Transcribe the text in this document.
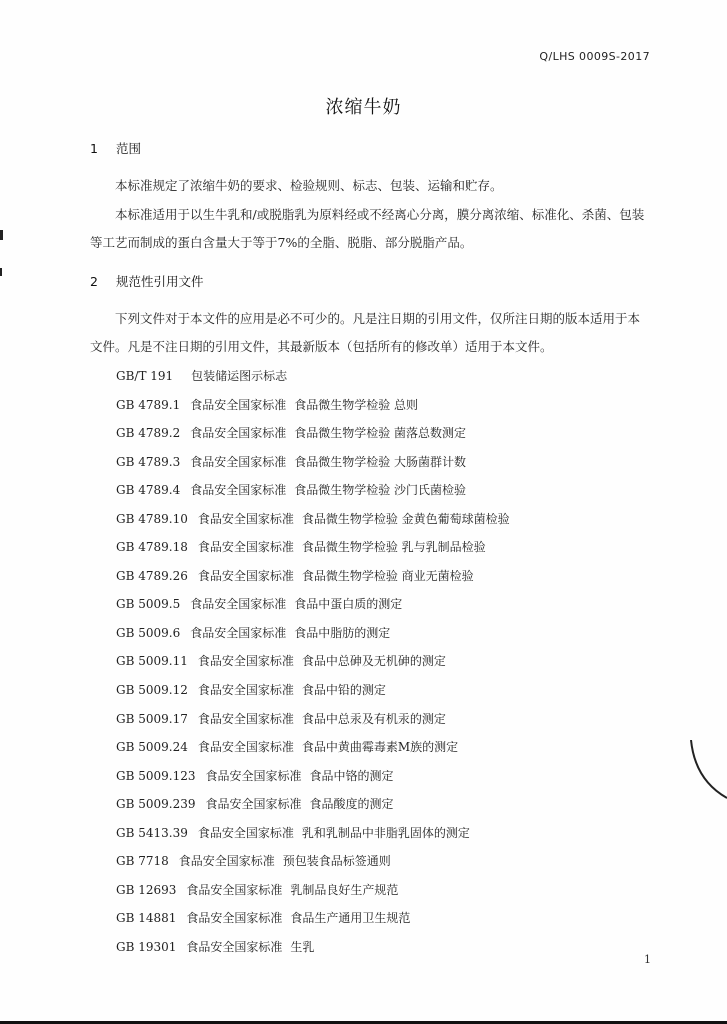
Q/LHS 0009S-2017
浓缩牛奶
1 范围
本标准规定了浓缩牛奶的要求、检验规则、标志、包装、运输和贮存。
本标准适用于以生牛乳和/或脱脂乳为原料经或不经离心分离，膜分离浓缩、标准化、杀菌、包装等工艺而制成的蛋白含量大于等于7%的全脂、脱脂、部分脱脂产品。
2 规范性引用文件
下列文件对于本文件的应用是必不可少的。凡是注日期的引用文件，仅所注日期的版本适用于本文件。凡是不注日期的引用文件，其最新版本（包括所有的修改单）适用于本文件。
GB/T 191 包装储运图示标志
GB 4789.1 食品安全国家标准 食品微生物学检验 总则
GB 4789.2 食品安全国家标准 食品微生物学检验 菌落总数测定
GB 4789.3 食品安全国家标准 食品微生物学检验 大肠菌群计数
GB 4789.4 食品安全国家标准 食品微生物学检验 沙门氏菌检验
GB 4789.10 食品安全国家标准 食品微生物学检验 金黄色葡萄球菌检验
GB 4789.18 食品安全国家标准 食品微生物学检验 乳与乳制品检验
GB 4789.26 食品安全国家标准 食品微生物学检验 商业无菌检验
GB 5009.5 食品安全国家标准 食品中蛋白质的测定
GB 5009.6 食品安全国家标准 食品中脂肪的测定
GB 5009.11 食品安全国家标准 食品中总砷及无机砷的测定
GB 5009.12 食品安全国家标准 食品中铅的测定
GB 5009.17 食品安全国家标准 食品中总汞及有机汞的测定
GB 5009.24 食品安全国家标准 食品中黄曲霉毒素M族的测定
GB 5009.123 食品安全国家标准 食品中铬的测定
GB 5009.239 食品安全国家标准 食品酸度的测定
GB 5413.39 食品安全国家标准 乳和乳制品中非脂乳固体的测定
GB 7718 食品安全国家标准 预包装食品标签通则
GB 12693 食品安全国家标准 乳制品良好生产规范
GB 14881 食品安全国家标准 食品生产通用卫生规范
GB 19301 食品安全国家标准 生乳
1
